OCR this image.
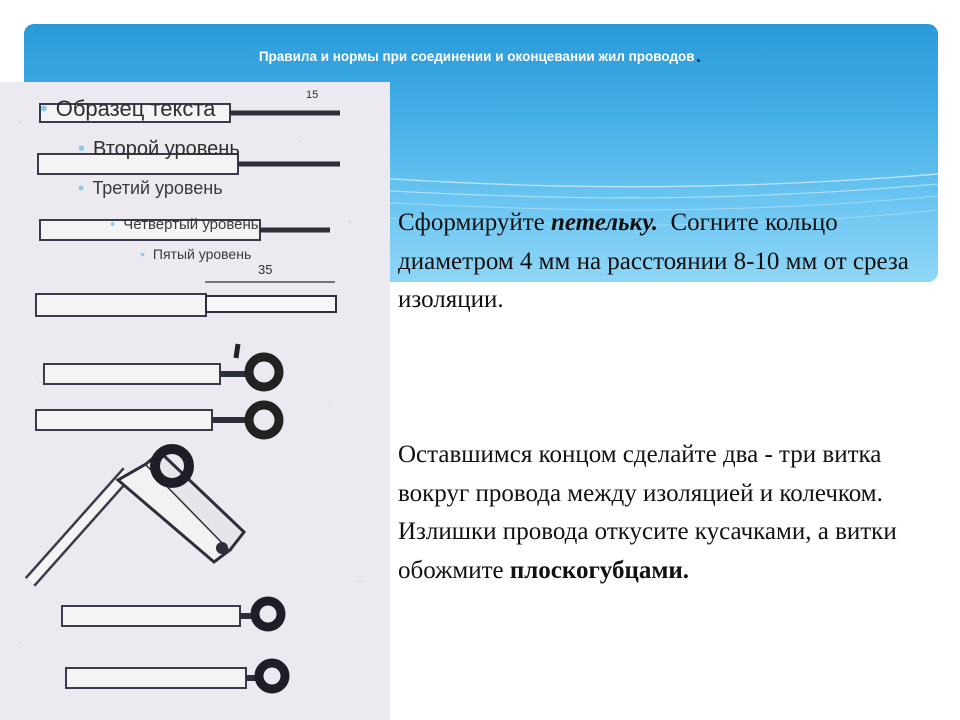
Правила и нормы при соединении и оконцевании жил проводов .
35
15
• Образец текста
• Второй уровень
• Третий уровень
• Четвертый уровень
• Пятый уровень
Сформируйте петельку.  Согните кольцо диаметром 4 мм на расстоянии 8-10 мм от среза изоляции.
Оставшимся концом сделайте два - три витка вокруг провода между изоляцией и колечком. Излишки провода откусите кусачками, а витки обожмите плоскогубцами.
